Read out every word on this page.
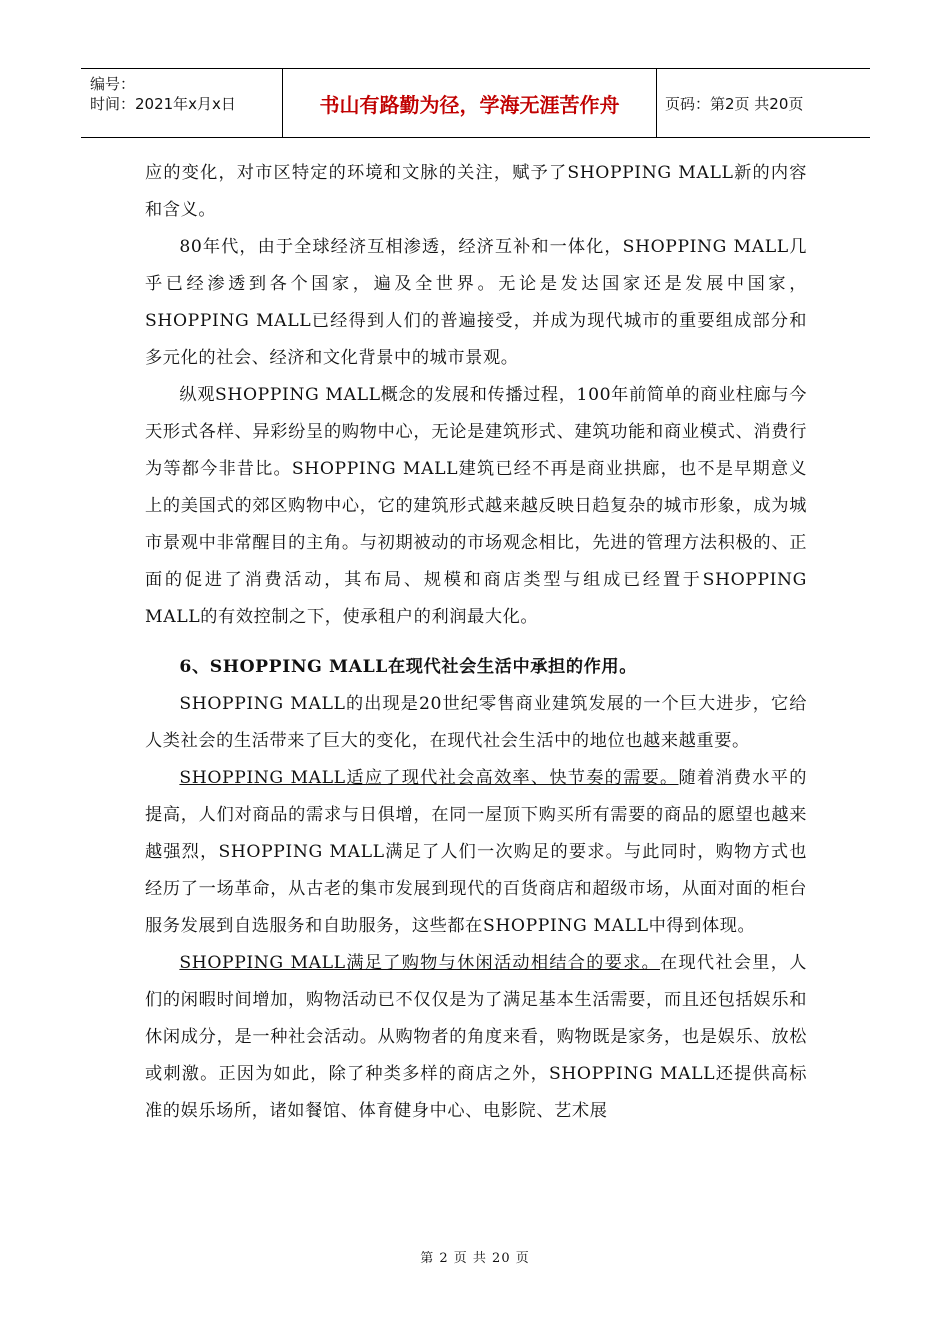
编号：
时间：2021年x月x日	书山有路勤为径，学海无涯苦作舟	页码：第2页 共20页

应的变化，对市区特定的环境和文脉的关注，赋予了SHOPPING MALL新的内容和含义。

80年代，由于全球经济互相渗透，经济互补和一体化，SHOPPING MALL几乎已经渗透到各个国家，遍及全世界。无论是发达国家还是发展中国家，SHOPPING MALL已经得到人们的普遍接受，并成为现代城市的重要组成部分和多元化的社会、经济和文化背景中的城市景观。

纵观SHOPPING MALL概念的发展和传播过程，100年前简单的商业柱廊与今天形式各样、异彩纷呈的购物中心，无论是建筑形式、建筑功能和商业模式、消费行为等都今非昔比。SHOPPING MALL建筑已经不再是商业拱廊，也不是早期意义上的美国式的郊区购物中心，它的建筑形式越来越反映日趋复杂的城市形象，成为城市景观中非常醒目的主角。与初期被动的市场观念相比，先进的管理方法积极的、正面的促进了消费活动，其布局、规模和商店类型与组成已经置于SHOPPING MALL的有效控制之下，使承租户的利润最大化。

6、SHOPPING MALL在现代社会生活中承担的作用。

SHOPPING MALL的出现是20世纪零售商业建筑发展的一个巨大进步，它给人类社会的生活带来了巨大的变化，在现代社会生活中的地位也越来越重要。

SHOPPING MALL适应了现代社会高效率、快节奏的需要。随着消费水平的提高，人们对商品的需求与日俱增，在同一屋顶下购买所有需要的商品的愿望也越来越强烈，SHOPPING MALL满足了人们一次购足的要求。与此同时，购物方式也经历了一场革命，从古老的集市发展到现代的百货商店和超级市场，从面对面的柜台服务发展到自选服务和自助服务，这些都在SHOPPING MALL中得到体现。

SHOPPING MALL满足了购物与休闲活动相结合的要求。在现代社会里，人们的闲暇时间增加，购物活动已不仅仅是为了满足基本生活需要，而且还包括娱乐和休闲成分，是一种社会活动。从购物者的角度来看，购物既是家务，也是娱乐、放松或刺激。正因为如此，除了种类多样的商店之外，SHOPPING MALL还提供高标准的娱乐场所，诸如餐馆、体育健身中心、电影院、艺术展

第 2 页 共 20 页
